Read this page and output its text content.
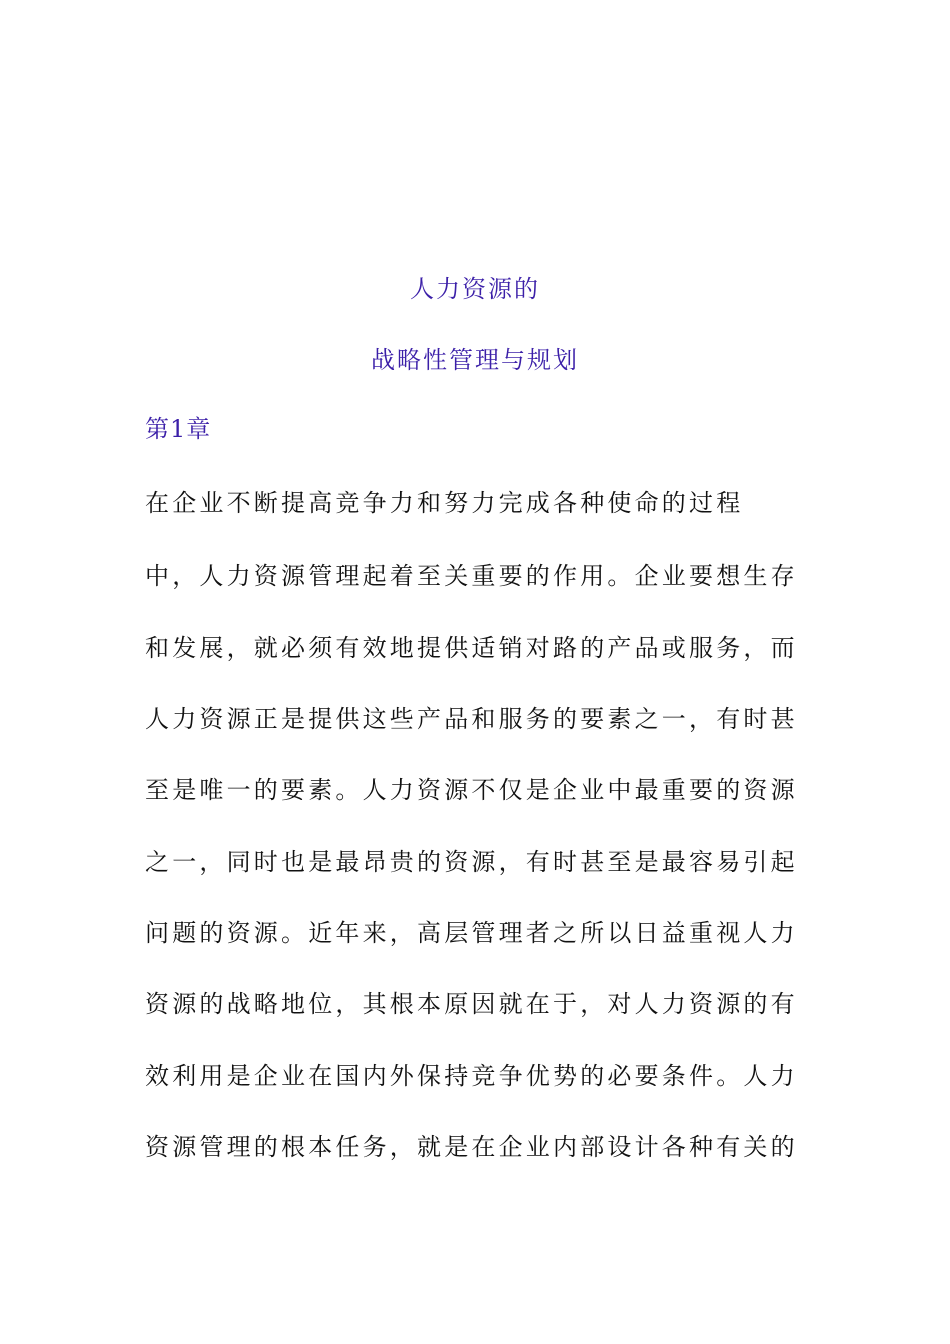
人力资源的
战略性管理与规划
第1章
在企业不断提高竞争力和努力完成各种使命的过程
中，人力资源管理起着至关重要的作用。企业要想生存
和发展，就必须有效地提供适销对路的产品或服务，而
人力资源正是提供这些产品和服务的要素之一，有时甚
至是唯一的要素。人力资源不仅是企业中最重要的资源
之一，同时也是最昂贵的资源，有时甚至是最容易引起
问题的资源。近年来，高层管理者之所以日益重视人力
资源的战略地位，其根本原因就在于，对人力资源的有
效利用是企业在国内外保持竞争优势的必要条件。人力
资源管理的根本任务，就是在企业内部设计各种有关的
